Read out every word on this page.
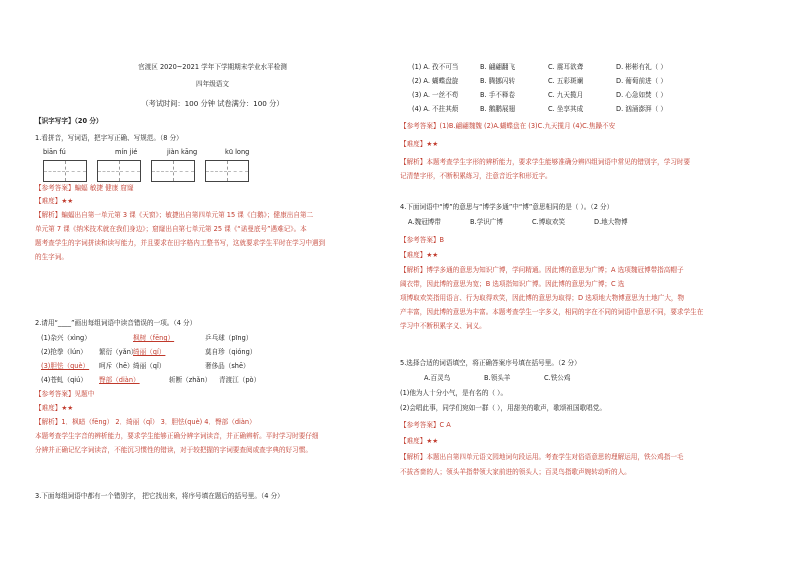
官渡区 2020~2021 学年下学期期末学业水平检测
四年级语文
（考试时间：100 分钟 试卷满分：100 分）
【识字写字】（20 分）
1.看拼音，写词语，把字写正确、写规范。（8 分）
biān fú	mín jié	jiàn kāng	kū long
【参考答案】蝙蝠 敏捷 健康 窟窿
【难度】★★
【解析】蝙蝠出自第一单元第 3 课《天窗》；敏捷出自第四单元第 15 课《白鹅》；健康出自第二
单元第 7 课《纳米技术就在我们身边》；窟窿出自第七单元第 25 课《“诺曼底号”遇难记》。本
题考查学生的字词拼读和读写能力，并且要求在田字格内工整书写，这就要求学生平时在学习中遇到
的生字词。
2.请用“____”画出每组词语中读音错误的一项。（4 分）
(1)杂兴（xìng）	枫树（fēng）	乒乓球（pīng）
(2)抢拳（lún） 繁衍（yǎn）绮丽（qí）	莫自珍（qióng）
(3)胆怯（què） 呵斥（hē）绮丽（qǐ）	奢侈品（shē）
(4)苍虬（qiú） 臀部（diàn）	斩断（zhǎn） 青渡江（pò）
【参考答案】见题中
【难度】★★
【解析】1．枫暗（fēng） 2．绮丽（qǐ） 3．胆怯(què) 4．臀部（diàn）
本题考查学生字音的辨析能力，要求学生能够正确分辨字词读音，并正确辨析。平时学习时要仔细
分辨并正确记忆字词读音，不能沉习惯性的错读，对于较把握的字词要查阅或查字典的好习惯。
3.下面每组词语中都有一个错别字， 把它找出来，将序号填在题后的括号里。（4 分）
(1) A. 孜不可当	B. 翩翩翻飞	C. 震耳欲聋	D. 彬彬有礼（ ）
(2) A. 蝴蝶盘旋	B. 腾挪闪转	C. 五彩斑斓	D. 葡萄前进（ ）
(3) A. 一丝不苟	B. 手不释卷	C. 九天揽月	D. 心急如焚（ ）
(4) A. 不拄其烦	B. 鹅鹏展翅	C. 坐享其成	D. 汹涌澎湃（ ）
【参考答案】(1)B.翩翩魏魏 (2)A.蝴蝶盘在 (3)C.九天揽月 (4)C.焦躁不安
【难度】★★
【解析】本题考查学生字形的辨析能力，要求学生能够准确分辨四组词语中常见的错别字，学习时要
记清楚字形，不断积累练习，注意音近字和形近字。
4.下面词语中“博”的意思与“博学多通”中“博”意思相同的是（ ）。（2 分）
A.魏冠博带	B.学识广博	C.博取欢笑	D.地大物博
【参考答案】B
【难度】★★
【解析】博学多通的意思为知识广博，学问精通。因此博的意思为广博；A 选项魏冠博带指高帽子
阔衣带，因此博的意思为宽；B 选项指知识广博。因此博的意思为广博；C 选
项博取欢笑指用语言、行为取得欢笑，因此博的意思为取得；D 选项地大物博意思为土地广大，物
产丰富，因此博的意思为丰富。本题考查学生一字多义，相同的字在不同的词语中意思不同，要求学生在
学习中不断积累字义、词义。
5.选择合适的词语填空，将正确答案序号填在括号里。（2 分）
A.百灵鸟	B.领头羊	C.铁公鸡
(1)他为人十分小气，是有名的（ ）。
(2)会唱此事，同学们宛如一群（ ），用甜美的歌声，歌颂祖国歌唱党。
【参考答案】C A
【难度】★★
【解析】本题出自第四单元语文园地词句段运用。考查学生对俗语意思的理解运用，铁公鸡指一毛
不拔吝啬的人；领头羊指带领大家前进的领头人；百灵鸟指歌声婉转动听的人。
